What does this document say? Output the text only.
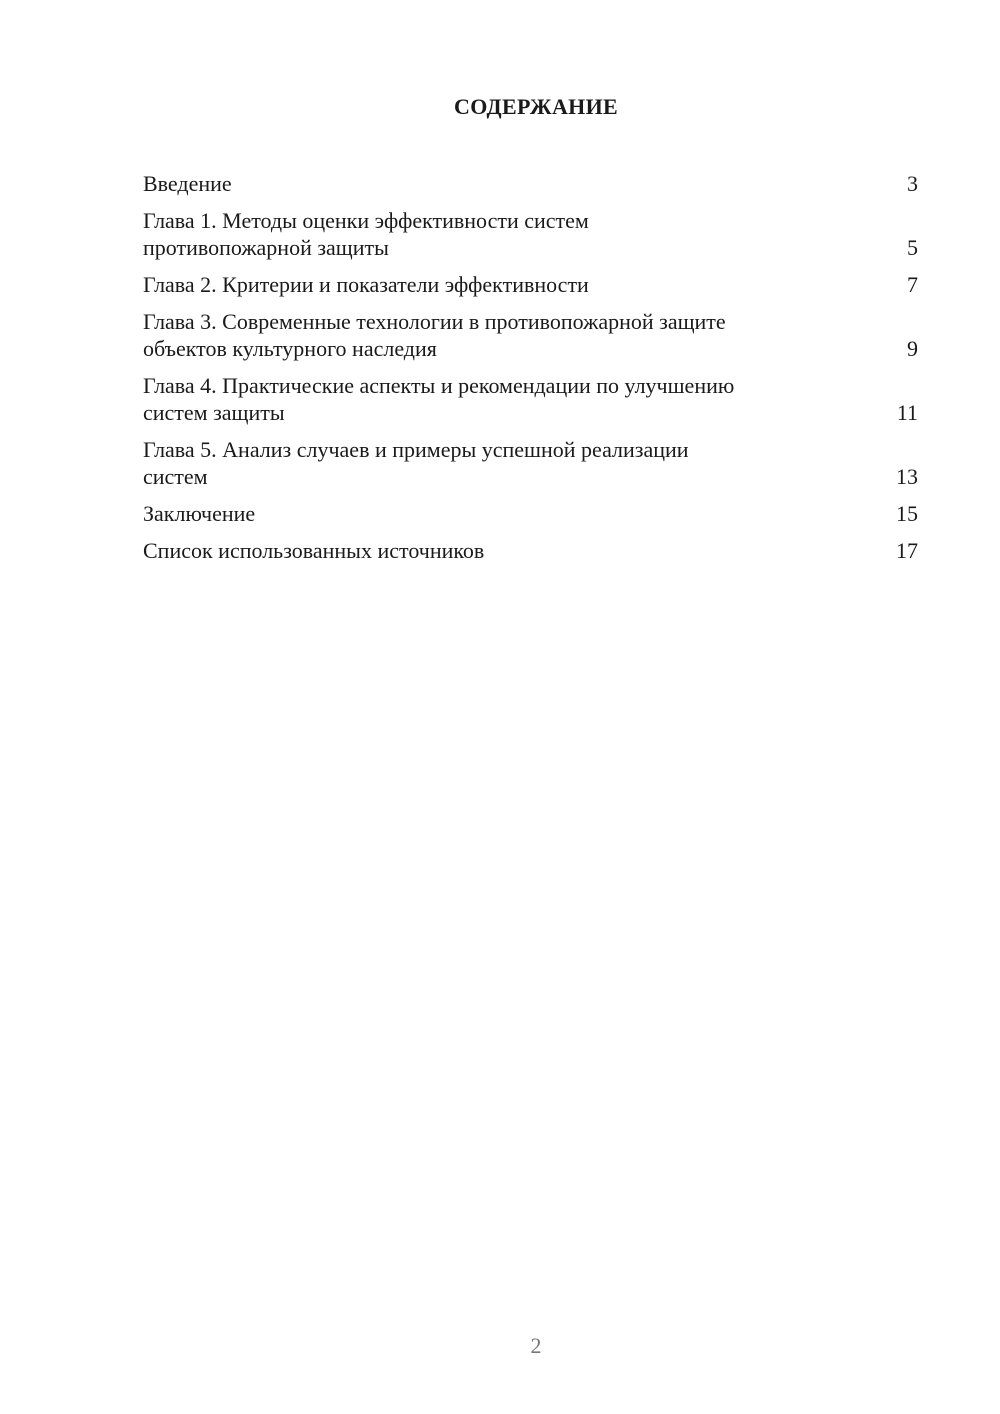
СОДЕРЖАНИЕ
Введение	3
Глава 1. Методы оценки эффективности систем
противопожарной защиты	5
Глава 2. Критерии и показатели эффективности	7
Глава 3. Современные технологии в противопожарной защите
объектов культурного наследия	9
Глава 4. Практические аспекты и рекомендации по улучшению
систем защиты	11
Глава 5. Анализ случаев и примеры успешной реализации
систем	13
Заключение	15
Список использованных источников	17
2
